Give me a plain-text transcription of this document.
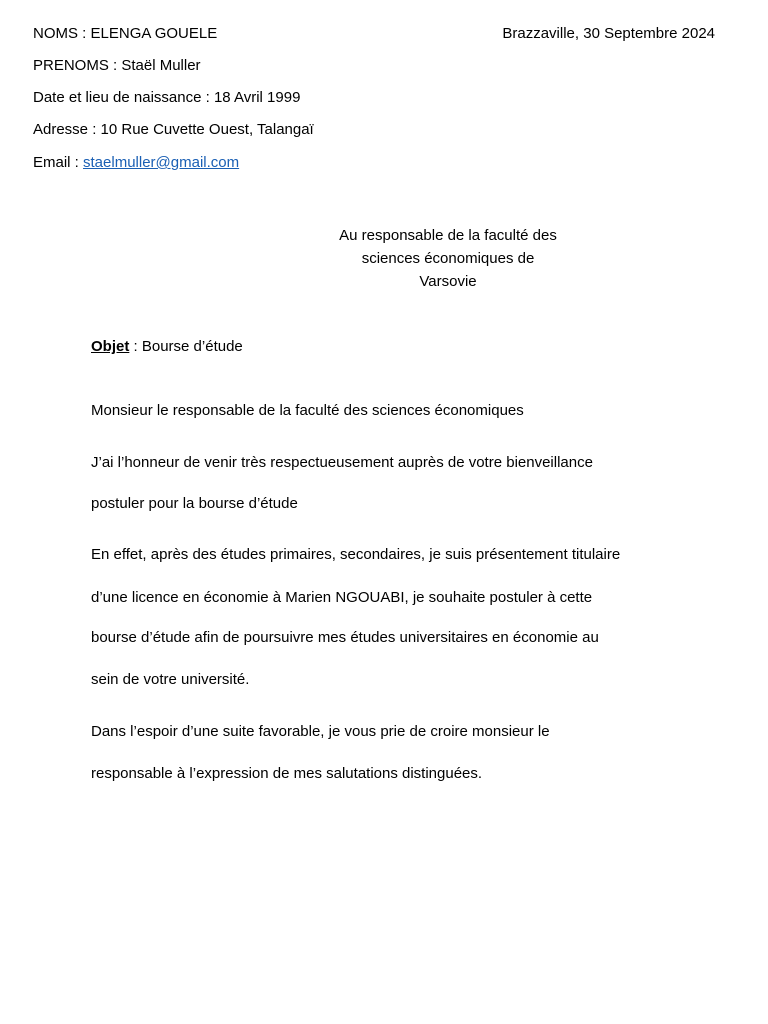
NOMS : ELENGA GOUELE	Brazzaville, 30 Septembre 2024
PRENOMS : Staël Muller
Date et lieu de naissance : 18 Avril 1999
Adresse : 10 Rue Cuvette Ouest, Talangaï
Email : staelmuller@gmail.com
Au responsable de la faculté des
sciences économiques de
Varsovie
Objet : Bourse d’étude
Monsieur le responsable de la faculté des sciences économiques
J’ai l’honneur de venir très respectueusement auprès de votre bienveillance
postuler pour la bourse d’étude
En effet, après des études primaires, secondaires, je suis présentement titulaire
d’une licence en économie à Marien NGOUABI, je souhaite postuler à cette
bourse d’étude afin de poursuivre mes études universitaires en économie au
sein de votre université.
Dans l’espoir d’une suite favorable, je vous prie de croire monsieur le
responsable à l’expression de mes salutations distinguées.
